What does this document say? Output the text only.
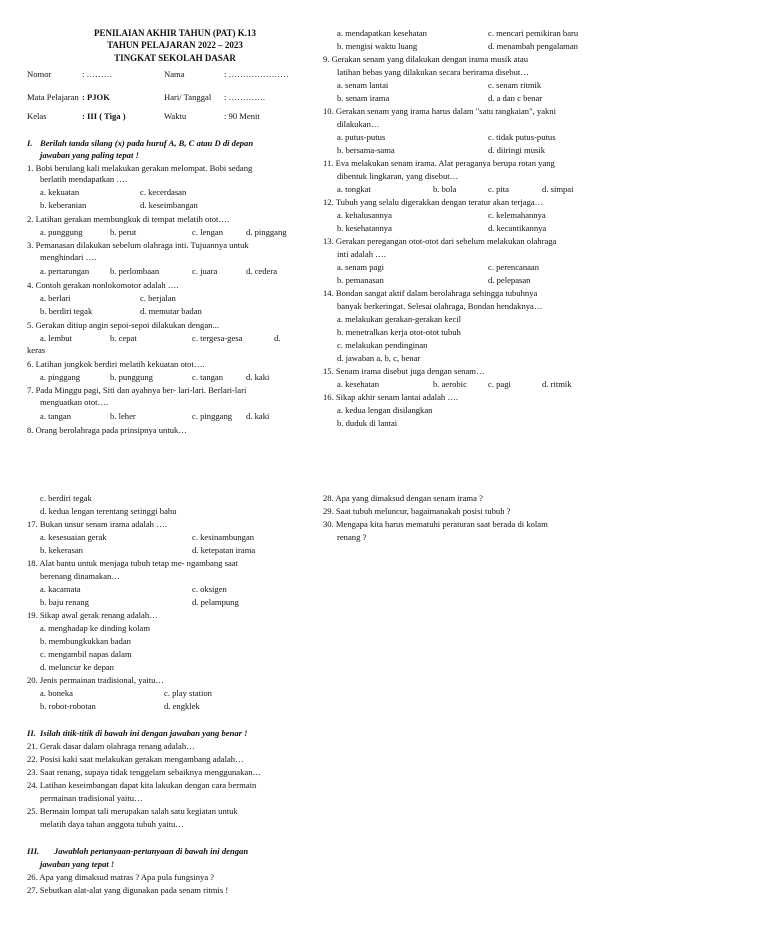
PENILAIAN AKHIR TAHUN (PAT) K.13
TAHUN PELAJARAN 2022 – 2023
TINGKAT SEKOLAH DASAR
Nomor	: ………	Nama	: …………………
Mata Pelajaran : PJOK	Hari/ Tanggal : ………….
Kelas	: III ( Tiga )	Waktu	: 90 Menit
I. Berilah tanda silang (x) pada huruf A, B, C atau D di depan
jawaban yang paling tepat !
1. Bobi berulang kali melakukan gerakan melompat. Bobi sedang
berlatih mendapatkan ….
a. kekuatan	c. kecerdasan
b. keberanian	d. keseimbangan
2. Latihan gerakan membungkuk di tempat melatih otot….
a. punggung	b. perut	c. lengan	d. pinggang
3. Pemanasan dilakukan sebelum olahraga inti. Tujuannya untuk
menghindari ….
a. pertarungan b. perlombaan	c. juara	d. cedera
4. Contoh gerakan nonlokomotor adalah ….
a. berlari	c. berjalan
b. berdiri tegak	d. memutar badan
5. Gerakan ditiup angin sepoi-sepoi dilakukan dengan...
a. lembut	b. cepat	c. tergesa-gesa	d.
keras
6. Latihan jongkok berdiri melatih kekuatan otot….
a. pinggang	b. punggung	c. tangan	d. kaki
7. Pada Minggu pagi, Siti dan ayahnya ber- lari-lari. Berlari-lari
menguatkan otot….
a. tangan	b. leher	c. pinggang d. kaki
8. Orang berolahraga pada prinsipnya untuk…
a. mendapatkan kesehatan	c. mencari pemikiran baru
b. mengisi waktu luang	d. menambah pengalaman
9. Gerakan senam yang dilakukan dengan irama musik atau
latihan bebas yang dilakukan secara berirama disebut…
a. senam lantai	c. senam ritmik
b. senam irama	d. a dan c benar
10. Gerakan senam yang irama harus dalam "satu rangkaian", yakni
dilakukan…
a. putus-putus	c. tidak putus-putus
b. bersama-sama	d. diiringi musik
11. Eva melakukan senam irama. Alat peraganya berupa rotan yang
dibentuk lingkaran, yang disebut…
a. tongkat	b. bola	c. pita	d. simpai
12. Tubuh yang selalu digerakkan dengan teratur akan terjaga…
a. kehalusannya	c. kelemahannya
b. kesehatannya	d. kecantikannya
13. Gerakan peregangan otot-otot dari sebelum melakukan olahraga
inti adalah ….
a. senam pagi	c. perencanaan
b. pemanasan	d. pelepasan
14. Bondan sangat aktif dalam berolahraga sehingga tubuhnya
banyak berkeringat. Selesai olahraga, Bondan hendaknya…
a. melakukan gerakan-gerakan kecil
b. menetralkan kerja otot-otot tubuh
c. melakukan pendinginan
d. jawaban a, b, c, benar
15. Senam irama disebut juga dengan senam…
a. kesehatan	b. aerobic c. pagi	d. ritmik
16. Sikap akhir senam lantai adalah ….
a. kedua lengan disilangkan
b. duduk di lantai
c. berdiri tegak
d. kedua lengan terentang setinggi bahu
17. Bukan unsur senam irama adalah ….
a. kesesuaian gerak	c. kesinambungan
b. kekerasan	d. ketepatan irama
18. Alat bantu untuk menjaga tubuh tetap me- ngambang saat
berenang dinamakan…
a. kacamata	c. oksigen
b. baju renang	d. pelampung
19. Sikap awal gerak renang adalah…
a. menghadap ke dinding kolam
b. membungkukkan badan
c. mengambil napas dalam
d. meluncur ke depan
20. Jenis permainan tradisional, yaitu…
a. boneka	c. play station
b. robot-robotan	d. engklek
II. Isilah titik-titik di bawah ini dengan jawaban yang benar !
21. Gerak dasar dalam olahraga renang adalah…
22. Posisi kaki saat melakukan gerakan mengambang adalah…
23. Saat renang, supaya tidak tenggelam sebaiknya menggunakan…
24. Latihan keseimbangan dapat kita lakukan dengan cara bermain
permainan tradisional yaitu…
25. Bermain lompat tali merupakan salah satu kegiatan untuk
melatih daya tahan anggota tubuh yaitu…
III. Jawablah pertanyaan-pertanyaan di bawah ini dengan
jawaban yang tepat !
26. Apa yang dimaksud matras ? Apa pula fungsinya ?
27. Sebutkan alat-alat yang digunakan pada senam ritmis !
28. Apa yang dimaksud dengan senam irama ?
29. Saat tubuh meluncur, bagaimanakah posisi tubuh ?
30. Mengapa kita harus mematuhi peraturan saat berada di kolam
renang ?
